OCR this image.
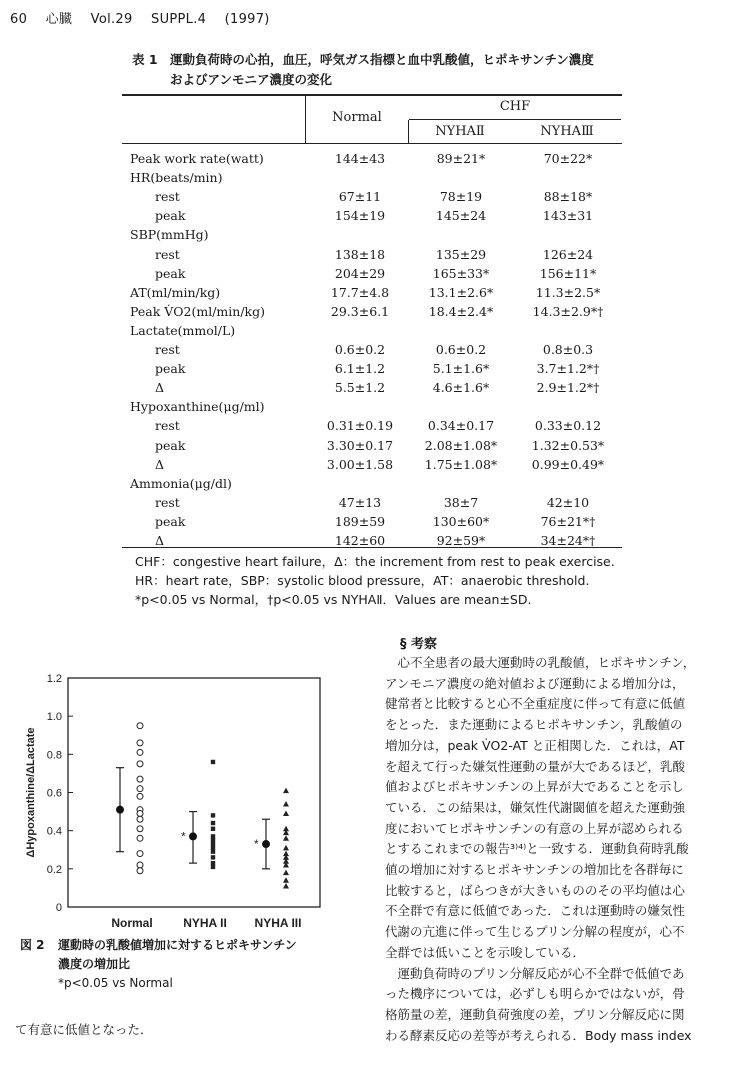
60 心臓 Vol.29 SUPPL.4 (1997)
表 1 運動負荷時の心拍，血圧，呼気ガス指標と血中乳酸値，ヒポキサンチン濃度
およびアンモニア濃度の変化
Normal
CHF
NYHAⅡ	NYHAⅢ
Peak work rate(watt)	144±43	89±21*	70±22*
HR(beats/min)
rest	67±11	78±19	88±18*
peak	154±19	145±24	143±31
SBP(mmHg)
rest	138±18	135±29	126±24
peak	204±29	165±33*	156±11*
AT(ml/min/kg)	17.7±4.8	13.1±2.6*	11.3±2.5*
Peak V̇O2(ml/min/kg)	29.3±6.1	18.4±2.4*	14.3±2.9*†
Lactate(mmol/L)
rest	0.6±0.2	0.6±0.2	0.8±0.3
peak	6.1±1.2	5.1±1.6*	3.7±1.2*†
Δ	5.5±1.2	4.6±1.6*	2.9±1.2*†
Hypoxanthine(μg/ml)
rest	0.31±0.19	0.34±0.17	0.33±0.12
peak	3.30±0.17	2.08±1.08*	1.32±0.53*
Δ	3.00±1.58	1.75±1.08*	0.99±0.49*
Ammonia(μg/dl)
rest	47±13	38±7	42±10
peak	189±59	130±60*	76±21*†
Δ	142±60	92±59*	34±24*†
CHF：congestive heart failure，Δ：the increment from rest to peak exercise.
HR：heart rate，SBP：systolic blood pressure，AT：anaerobic threshold.
*p<0.05 vs Normal，†p<0.05 vs NYHAⅡ．Values are mean±SD.
0
0.2
0.4
0.6
0.8
1.0
1.2
ΔHypoxanthine/ΔLactate
Normal	NYHA II NYHA III
*
*
図 2 運動時の乳酸値増加に対するヒポキサンチン
濃度の増加比
*p<0.05 vs Normal
て有意に低値となった．
§ 考察

　心不全患者の最大運動時の乳酸値，ヒポキサンチン，

アンモニア濃度の絶対値および運動による増加分は，

健常者と比較すると心不全重症度に伴って有意に低値

をとった．また運動によるヒポキサンチン，乳酸値の

増加分は，peak V̇O2-AT と正相関した．これは，AT

を超えて行った嫌気性運動の量が大であるほど，乳酸

値およびヒポキサンチンの上昇が大であることを示し

ている．この結果は，嫌気性代謝閾値を超えた運動強

度においてヒポキサンチンの有意の上昇が認められる

とするこれまでの報告³⁾⁴⁾と一致する．運動負荷時乳酸

値の増加に対するヒポキサンチンの増加比を各群毎に

比較すると，ばらつきが大きいもののその平均値は心

不全群で有意に低値であった．これは運動時の嫌気性

代謝の亢進に伴って生じるプリン分解の程度が，心不

全群では低いことを示唆している．

　運動負荷時のプリン分解反応が心不全群で低値であ

った機序については，必ずしも明らかではないが，骨

格筋量の差，運動負荷強度の差，プリン分解反応に関

わる酵素反応の差等が考えられる．Body mass index
